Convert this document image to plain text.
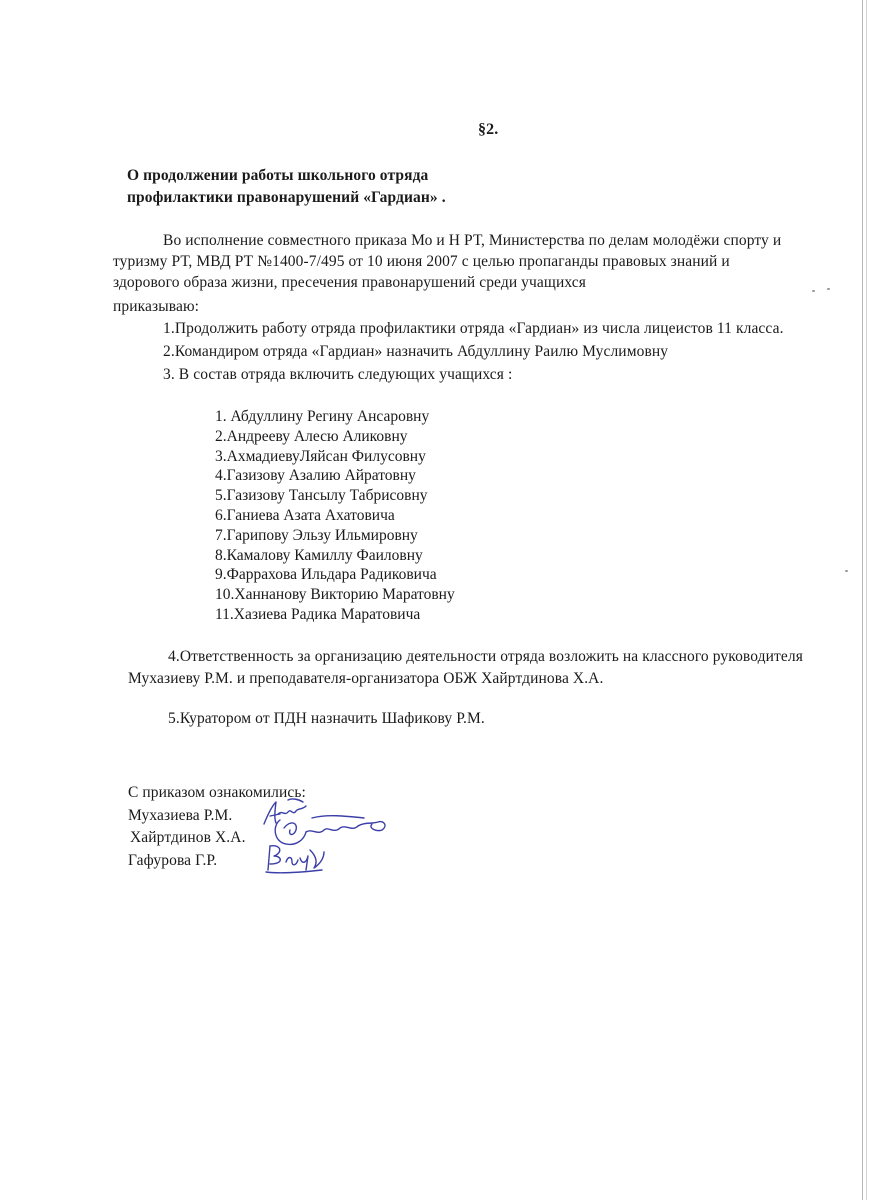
§2.
О продолжении работы школьного отряда
профилактики правонарушений «Гардиан» .
Во исполнение совместного приказа Мо и Н РТ, Министерства по делам молодёжи спорту и
туризму РТ, МВД РТ №1400-7/495 от 10 июня 2007 с целью пропаганды правовых знаний и
здорового образа жизни, пресечения правонарушений среди учащихся
приказываю:
1.Продолжить работу отряда профилактики отряда «Гардиан» из числа лицеистов 11 класса.
2.Командиром отряда «Гардиан» назначить Абдуллину Раилю Муслимовну
3. В состав отряда включить следующих учащихся :
1. Абдуллину Регину Ансаровну
2.Андрееву Алесю Аликовну
3.АхмадиевуЛяйсан Филусовну
4.Газизову Азалию Айратовну
5.Газизову Тансылу Табрисовну
6.Ганиева Азата Ахатовича
7.Гарипову Эльзу Ильмировну
8.Камалову Камиллу Фаиловну
9.Фаррахова Ильдара Радиковича
10.Ханнанову Викторию Маратовну
11.Хазиева Радика Маратовича
4.Ответственность за организацию деятельности отряда возложить на классного руководителя
Мухазиеву Р.М. и преподавателя-организатора ОБЖ Хайртдинова Х.А.
5.Куратором от ПДН назначить Шафикову Р.М.
С приказом ознакомились:
Мухазиева Р.М.
Хайртдинов Х.А.
Гафурова Г.Р.
